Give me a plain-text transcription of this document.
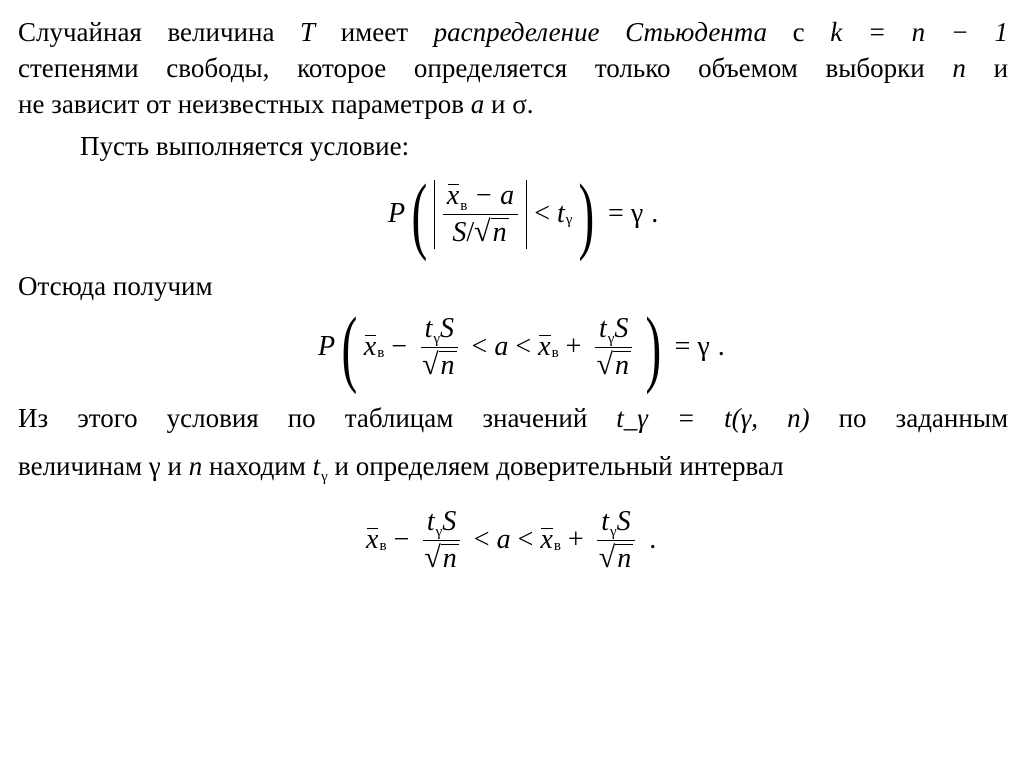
Случайная величина T имеет распределение Стьюдента с k = n − 1
степенями свободы, которое определяется только объемом выборки n и
не зависит от неизвестных параметров a и σ.
Пусть выполняется условие:
P ( $\frac{x_в - a}{S/ √ n} < t$ γ ) = γ .
Отсюда получим
P ( x $в - \frac{t_\gamma S}{√ n} < a < x$ $в + \frac{t_\gamma S}{√ n}$ ) = γ .
Из этого условия по таблицам значений t_γ = t(γ, n) по заданным
величинам γ и n находим $t_\gamma$ и определяем доверительный интервал
x $в - \frac{t_\gamma S}{√ n} < a < x$ $в + \frac{t_\gamma S}{√ n}$ .
